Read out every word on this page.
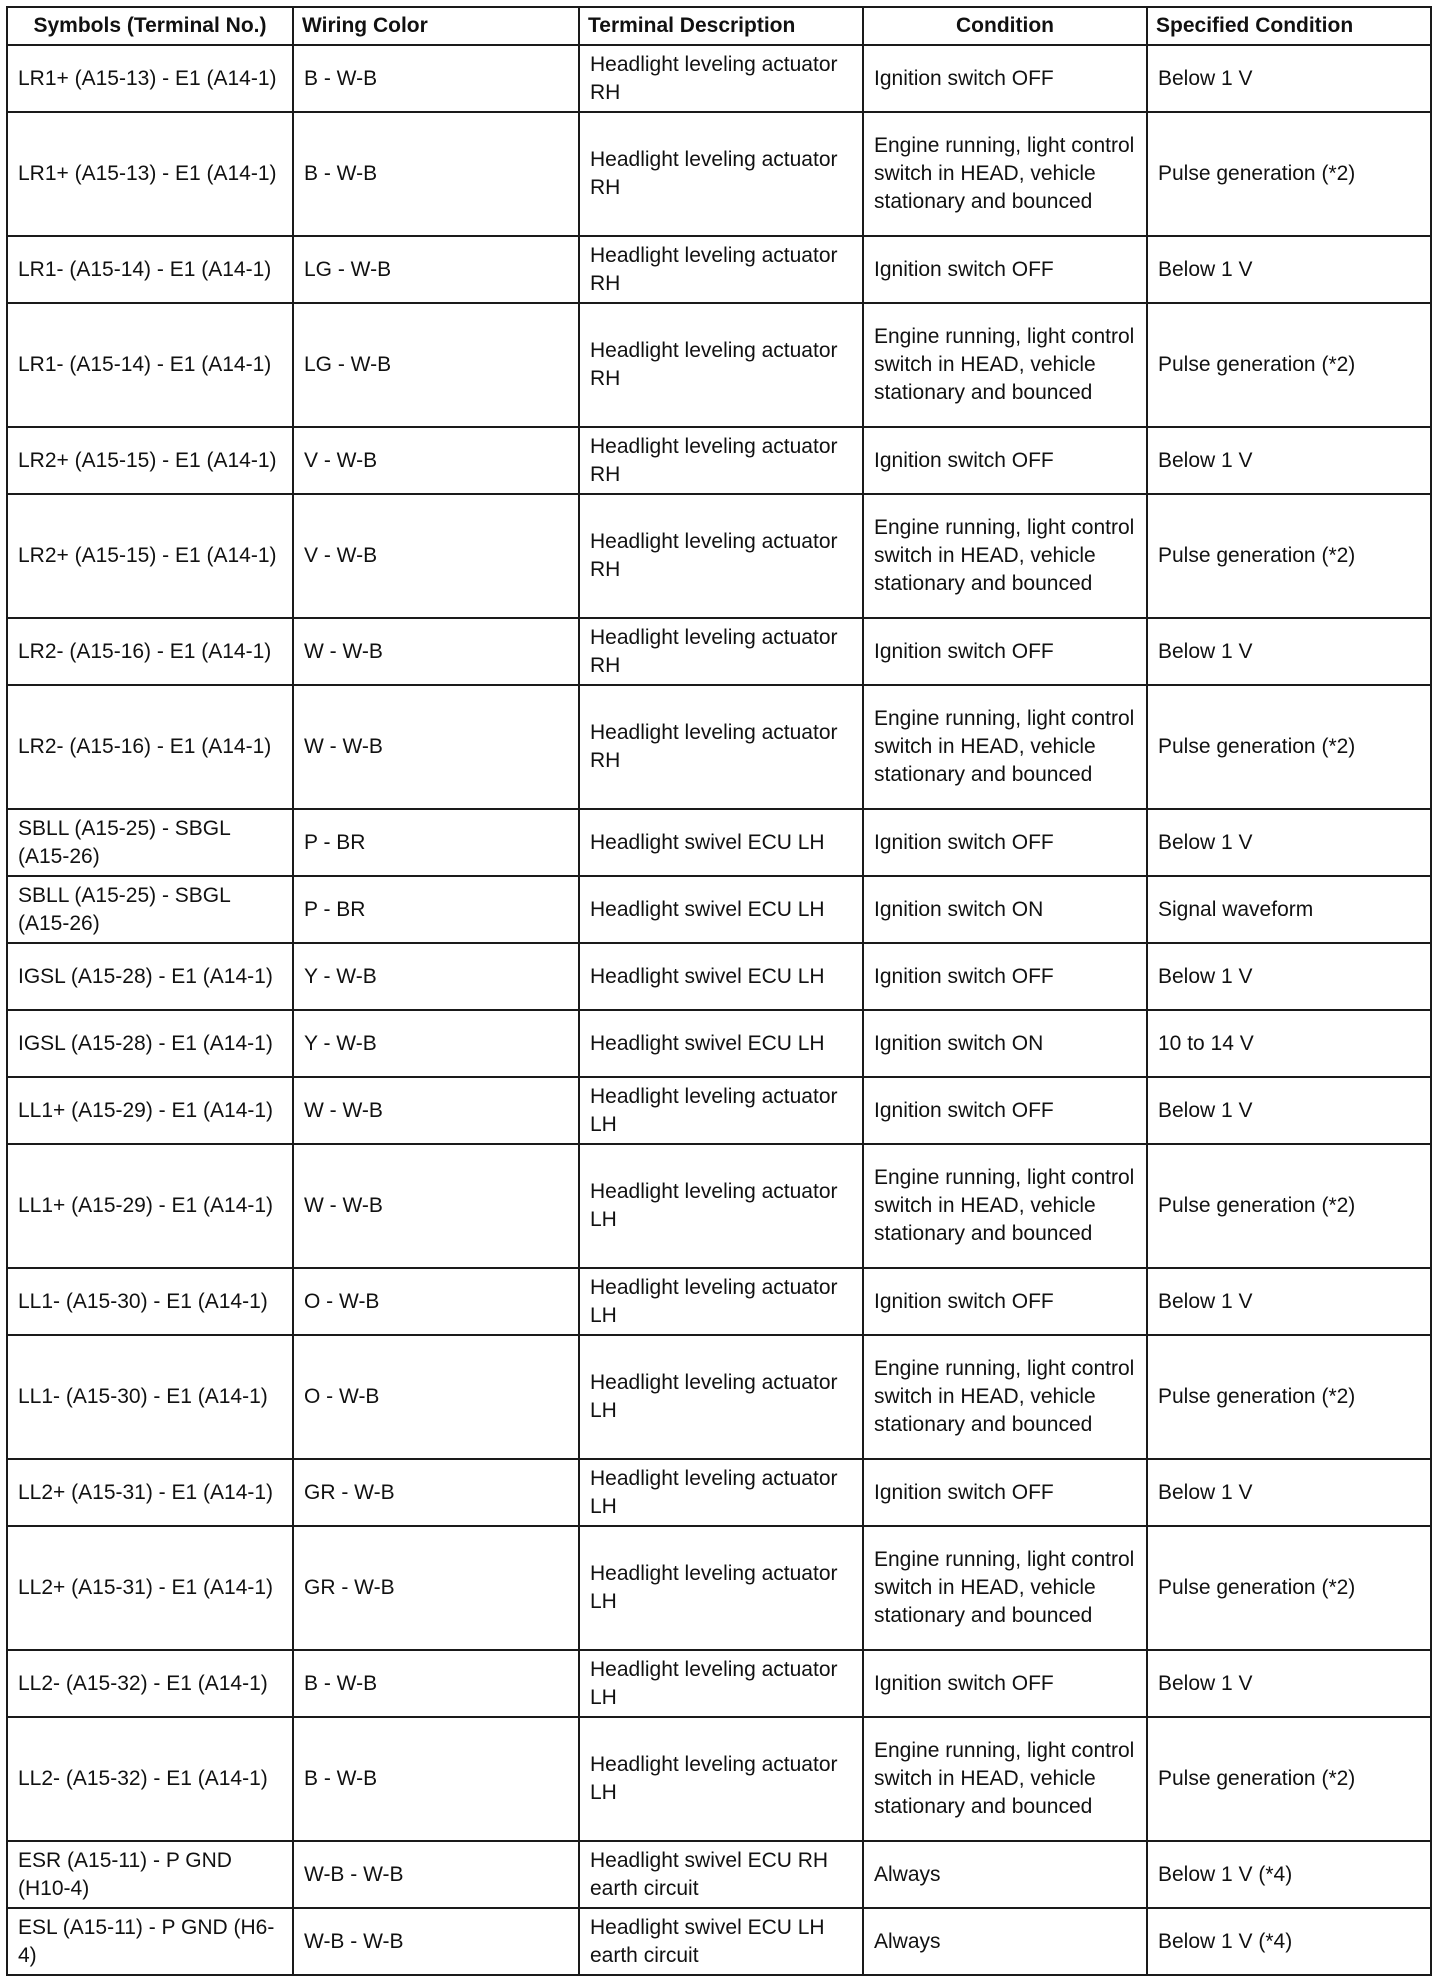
Symbols (Terminal No.)	Wiring Color	Terminal Description	Condition	Specified Condition
LR1+ (A15-13) - E1 (A14-1)	B - W-B	Headlight leveling actuator RH	Ignition switch OFF	Below 1 V
LR1+ (A15-13) - E1 (A14-1)	B - W-B	Headlight leveling actuator RH	Engine running, light control switch in HEAD, vehicle stationary and bounced	Pulse generation (*2)
LR1- (A15-14) - E1 (A14-1)	LG - W-B	Headlight leveling actuator RH	Ignition switch OFF	Below 1 V
LR1- (A15-14) - E1 (A14-1)	LG - W-B	Headlight leveling actuator RH	Engine running, light control switch in HEAD, vehicle stationary and bounced	Pulse generation (*2)
LR2+ (A15-15) - E1 (A14-1)	V - W-B	Headlight leveling actuator RH	Ignition switch OFF	Below 1 V
LR2+ (A15-15) - E1 (A14-1)	V - W-B	Headlight leveling actuator RH	Engine running, light control switch in HEAD, vehicle stationary and bounced	Pulse generation (*2)
LR2- (A15-16) - E1 (A14-1)	W - W-B	Headlight leveling actuator RH	Ignition switch OFF	Below 1 V
LR2- (A15-16) - E1 (A14-1)	W - W-B	Headlight leveling actuator RH	Engine running, light control switch in HEAD, vehicle stationary and bounced	Pulse generation (*2)
SBLL (A15-25) - SBGL (A15-26)	P - BR	Headlight swivel ECU LH	Ignition switch OFF	Below 1 V
SBLL (A15-25) - SBGL (A15-26)	P - BR	Headlight swivel ECU LH	Ignition switch ON	Signal waveform
IGSL (A15-28) - E1 (A14-1)	Y - W-B	Headlight swivel ECU LH	Ignition switch OFF	Below 1 V
IGSL (A15-28) - E1 (A14-1)	Y - W-B	Headlight swivel ECU LH	Ignition switch ON	10 to 14 V
LL1+ (A15-29) - E1 (A14-1)	W - W-B	Headlight leveling actuator LH	Ignition switch OFF	Below 1 V
LL1+ (A15-29) - E1 (A14-1)	W - W-B	Headlight leveling actuator LH	Engine running, light control switch in HEAD, vehicle stationary and bounced	Pulse generation (*2)
LL1- (A15-30) - E1 (A14-1)	O - W-B	Headlight leveling actuator LH	Ignition switch OFF	Below 1 V
LL1- (A15-30) - E1 (A14-1)	O - W-B	Headlight leveling actuator LH	Engine running, light control switch in HEAD, vehicle stationary and bounced	Pulse generation (*2)
LL2+ (A15-31) - E1 (A14-1)	GR - W-B	Headlight leveling actuator LH	Ignition switch OFF	Below 1 V
LL2+ (A15-31) - E1 (A14-1)	GR - W-B	Headlight leveling actuator LH	Engine running, light control switch in HEAD, vehicle stationary and bounced	Pulse generation (*2)
LL2- (A15-32) - E1 (A14-1)	B - W-B	Headlight leveling actuator LH	Ignition switch OFF	Below 1 V
LL2- (A15-32) - E1 (A14-1)	B - W-B	Headlight leveling actuator LH	Engine running, light control switch in HEAD, vehicle stationary and bounced	Pulse generation (*2)
ESR (A15-11) - P GND (H10-4)	W-B - W-B	Headlight swivel ECU RH earth circuit	Always	Below 1 V (*4)
ESL (A15-11) - P GND (H6-4)	W-B - W-B	Headlight swivel ECU LH earth circuit	Always	Below 1 V (*4)
